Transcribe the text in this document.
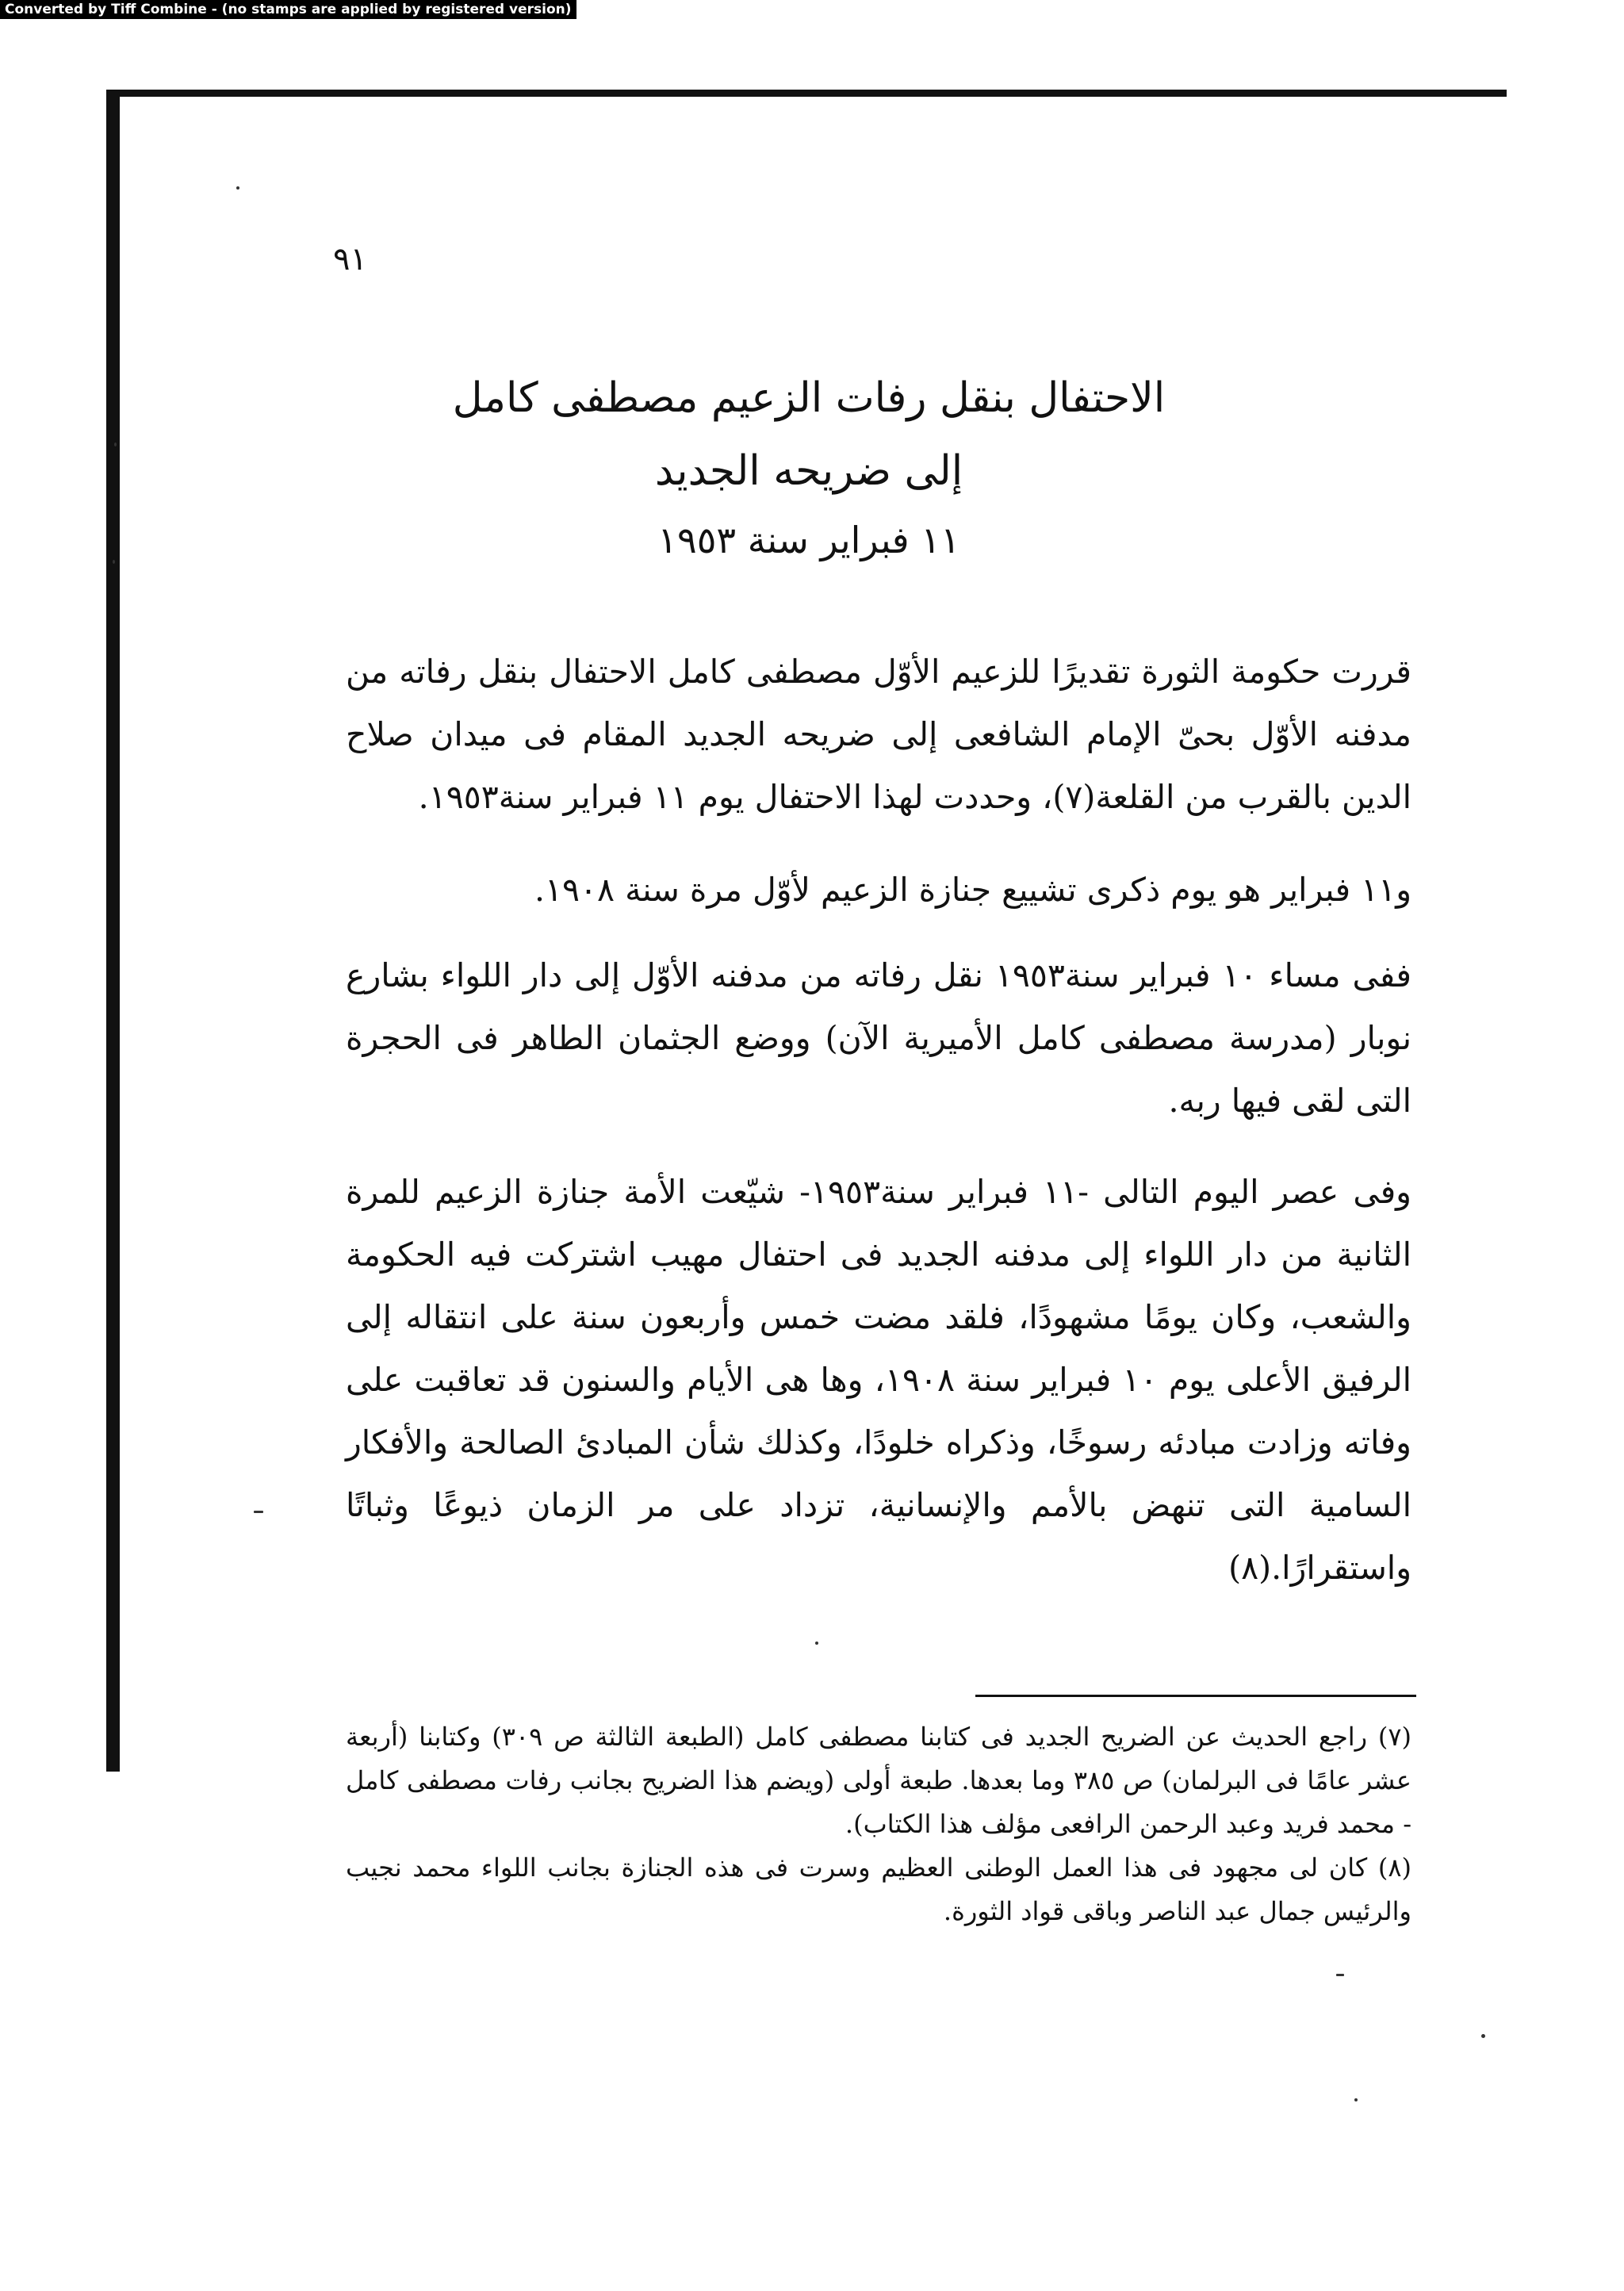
Converted by Tiff Combine - (no stamps are applied by registered version)
٩١
الاحتفال بنقل رفات الزعيم مصطفى كامل
إلى ضريحه الجديد
١١ فبراير سنة ١٩٥٣
قررت حكومة الثورة تقديرًا للزعيم الأوّل مصطفى كامل الاحتفال بنقل رفاته من مدفنه الأوّل بحىّ الإمام الشافعى إلى ضريحه الجديد المقام فى ميدان صلاح الدين بالقرب من القلعة(٧)، وحددت لهذا الاحتفال يوم ١١ فبراير سنة١٩٥٣.
و١١ فبراير هو يوم ذكرى تشييع جنازة الزعيم لأوّل مرة سنة ١٩٠٨.
ففى مساء ١٠ فبراير سنة١٩٥٣ نقل رفاته من مدفنه الأوّل إلى دار اللواء بشارع نوبار (مدرسة مصطفى كامل الأميرية الآن) ووضع الجثمان الطاهر فى الحجرة التى لقى فيها ربه.
وفى عصر اليوم التالى -١١ فبراير سنة١٩٥٣- شيّعت الأمة جنازة الزعيم للمرة الثانية من دار اللواء إلى مدفنه الجديد فى احتفال مهيب اشتركت فيه الحكومة والشعب، وكان يومًا مشهودًا، فلقد مضت خمس وأربعون سنة على انتقاله إلى الرفيق الأعلى يوم ١٠ فبراير سنة ١٩٠٨، وها هى الأيام والسنون قد تعاقبت على وفاته وزادت مبادئه رسوخًا، وذكراه خلودًا، وكذلك شأن المبادئ الصالحة والأفكار السامية التى تنهض بالأمم والإنسانية، تزداد على مر الزمان ذيوعًا وثباتًا واستقرارًا.(٨)

(٧) راجع الحديث عن الضريح الجديد فى كتابنا مصطفى كامل (الطبعة الثالثة ص ٣٠٩) وكتابنا (أربعة عشر عامًا فى البرلمان) ص ٣٨٥ وما بعدها. طبعة أولى (ويضم هذا الضريح بجانب رفات مصطفى كامل - محمد فريد وعبد الرحمن الرافعى مؤلف هذا الكتاب).

(٨) كان لى مجهود فى هذا العمل الوطنى العظيم وسرت فى هذه الجنازة بجانب اللواء محمد نجيب والرئيس جمال عبد الناصر وباقى قواد الثورة.
